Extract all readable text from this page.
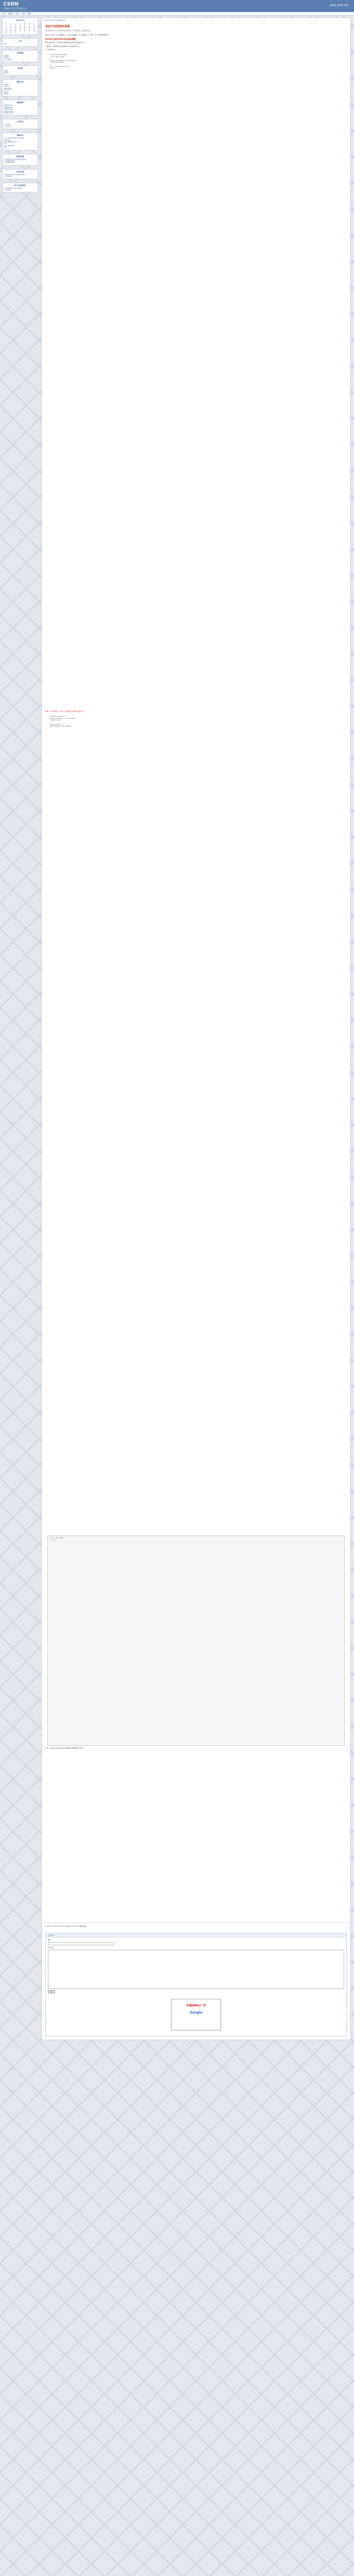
CSDN
全球最大中文IT技术社区
www.csdn.net
首页 新随笔 联系 订阅 管理
2009年3月
日	一	二	三	四	五	六
1	2	3	4	5	6	7
8	9	10	11	12	13	14
15	16	17	18	19	20	21
22	23	24	25	26	27	28
29	30	31
公告
搜索
常用链接
我的随笔
我的评论
我参与的随笔
留言簿
给我留言
查看留言
随笔分类
.NET(4)
Java(12)
JavaScript(6)
Oracle(3)
SQL(2)
Web(8)
随笔档案
2009年3月(3)
2009年2月(5)
2009年1月(4)
2008年12月(6)
2008年11月(2)
文章分类
技术文章(5)
工具使用(2)
最新评论
1. re: JavaScript中prototype属性
很好的文章
2. re: 对象和类的关系
学习了
3. re: 继承的实现
收藏
阅读排行榜
1. JavaScript中prototype属性(2312)
2. 类的继承(1420)
3. 闭包详解(980)
评论排行榜
1. JavaScript中prototype属性(12)
2. 类的继承(6)
60天内阅读排行
1. JavaScript中prototype属性
2. 闭包详解
JavaScript中prototype属性介绍
用JS开发框架的原理
我们常常在JavaScript的原型中查找这个方法和属性，直到找到为止
在JavaScript中，每个函数都有一个prototype属性，这个属性指向一个对象，这个对象就是原型对象。
JavaScript中prototype属性
原型对象中包含了可以由特定类型的所有实例共享的属性和方法。
下面通过一个简单的例子来说明prototype的使用方法：
1. 为类添加方法。
function Person(name){
this.name = name;
}
Person.prototype.say = function(){
alert(this.name);
};
var p = new Person("Tom");
p.say();
重要：每个对象都有一个原型，原型链是实现继承的主要方法。
function Animal(){}
Animal.prototype.run = function(){
alert("run");
};
function Dog(){}
Dog.prototype = new Animal();
var d = new Dog();
d.run();
总结：prototype是JavaScript实现面向对象编程的核心机制。
posted on 2009-03-18 10:12 阅读(2312) 评论(12) 编辑 收藏
发表评论
昵称
评论内容
提交
中国500元广告
Google
